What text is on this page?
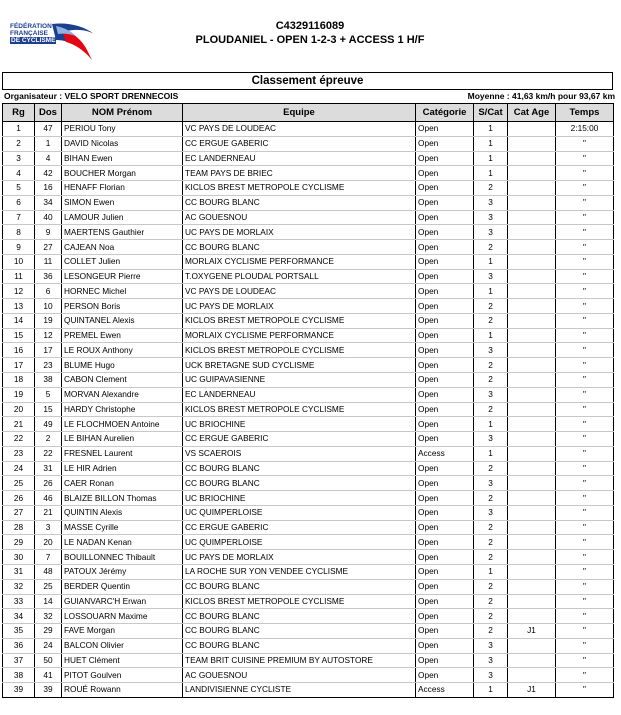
FÉDÉRATION
FRANÇAISE
DE CYCLISME
C4329116089
PLOUDANIEL - OPEN 1-2-3 + ACCESS 1 H/F
Classement épreuve
Organisateur : VELO SPORT DRENNECOIS	Moyenne : 41,63 km/h pour 93,67 km
Rg	Dos	NOM Prénom	Equipe	Catégorie	S/Cat	Cat Age	Temps
1	47	PERIOU Tony	VC PAYS DE LOUDEAC	Open	1		2:15:00
2	1	DAVID Nicolas	CC ERGUE GABERIC	Open	1		"
3	4	BIHAN Ewen	EC LANDERNEAU	Open	1		"
4	42	BOUCHER Morgan	TEAM PAYS DE BRIEC	Open	1		"
5	16	HENAFF Florian	KICLOS BREST METROPOLE CYCLISME	Open	2		"
6	34	SIMON Ewen	CC BOURG BLANC	Open	3		"
7	40	LAMOUR Julien	AC GOUESNOU	Open	3		"
8	9	MAERTENS Gauthier	UC PAYS DE MORLAIX	Open	3		"
9	27	CAJEAN Noa	CC BOURG BLANC	Open	2		"
10	11	COLLET Julien	MORLAIX CYCLISME PERFORMANCE	Open	1		"
11	36	LESONGEUR Pierre	T.OXYGENE PLOUDAL PORTSALL	Open	3		"
12	6	HORNEC Michel	VC PAYS DE LOUDEAC	Open	1		"
13	10	PERSON Boris	UC PAYS DE MORLAIX	Open	2		"
14	19	QUINTANEL Alexis	KICLOS BREST METROPOLE CYCLISME	Open	2		"
15	12	PREMEL Ewen	MORLAIX CYCLISME PERFORMANCE	Open	1		"
16	17	LE ROUX Anthony	KICLOS BREST METROPOLE CYCLISME	Open	3		"
17	23	BLUME Hugo	UCK BRETAGNE SUD CYCLISME	Open	2		"
18	38	CABON Clement	UC GUIPAVASIENNE	Open	2		"
19	5	MORVAN Alexandre	EC LANDERNEAU	Open	3		"
20	15	HARDY Christophe	KICLOS BREST METROPOLE CYCLISME	Open	2		"
21	49	LE FLOCHMOEN Antoine	UC BRIOCHINE	Open	1		"
22	2	LE BIHAN Aurelien	CC ERGUE GABERIC	Open	3		"
23	22	FRESNEL Laurent	VS SCAEROIS	Access	1		"
24	31	LE HIR Adrien	CC BOURG BLANC	Open	2		"
25	26	CAER Ronan	CC BOURG BLANC	Open	3		"
26	46	BLAIZE BILLON Thomas	UC BRIOCHINE	Open	2		"
27	21	QUINTIN Alexis	UC QUIMPERLOISE	Open	3		"
28	3	MASSE Cyrille	CC ERGUE GABERIC	Open	2		"
29	20	LE NADAN Kenan	UC QUIMPERLOISE	Open	2		"
30	7	BOUILLONNEC Thibault	UC PAYS DE MORLAIX	Open	2		"
31	48	PATOUX Jérémy	LA ROCHE SUR YON VENDEE CYCLISME	Open	1		"
32	25	BERDER Quentin	CC BOURG BLANC	Open	2		"
33	14	GUIANVARC'H Erwan	KICLOS BREST METROPOLE CYCLISME	Open	2		"
34	32	LOSSOUARN Maxime	CC BOURG BLANC	Open	2		"
35	29	FAVE Morgan	CC BOURG BLANC	Open	2	J1	"
36	24	BALCON Olivier	CC BOURG BLANC	Open	3		"
37	50	HUET Clément	TEAM BRIT CUISINE PREMIUM BY AUTOSTORE	Open	3		"
38	41	PITOT Goulven	AC GOUESNOU	Open	3		"
39	39	ROUÉ Rowann	LANDIVISIENNE CYCLISTE	Access	1	J1	"
